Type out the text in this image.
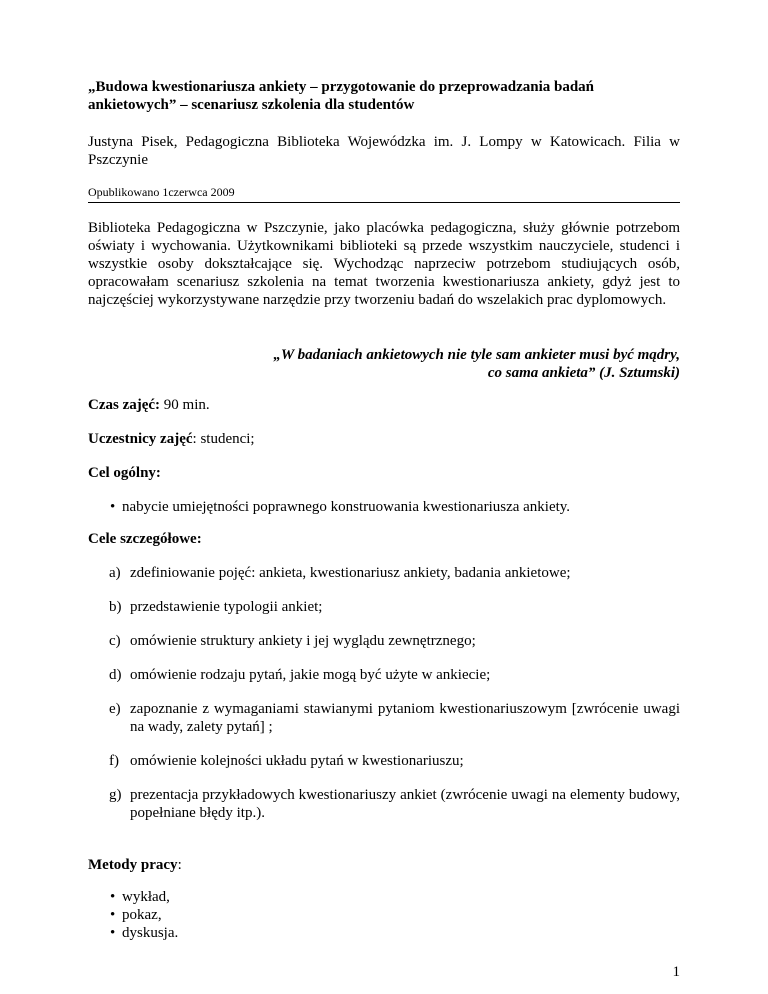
„Budowa kwestionariusza ankiety – przygotowanie do przeprowadzania badań ankietowych” – scenariusz szkolenia dla studentów
Justyna Pisek, Pedagogiczna Biblioteka Wojewódzka im. J. Lompy w Katowicach. Filia w Pszczynie
Opublikowano 1czerwca 2009
Biblioteka Pedagogiczna w Pszczynie, jako placówka pedagogiczna, służy głównie potrzebom oświaty i wychowania. Użytkownikami biblioteki są przede wszystkim nauczyciele, studenci i wszystkie osoby dokształcające się. Wychodząc naprzeciw potrzebom studiujących osób, opracowałam scenariusz szkolenia na temat tworzenia kwestionariusza ankiety, gdyż jest to najczęściej wykorzystywane narzędzie przy tworzeniu badań do wszelakich prac dyplomowych.
„W badaniach ankietowych nie tyle sam ankieter musi być mądry,
co sama ankieta” (J. Sztumski)
Czas zajęć: 90 min.
Uczestnicy zajęć: studenci;
Cel ogólny:
• nabycie umiejętności poprawnego konstruowania kwestionariusza ankiety.
Cele szczegółowe:
a) zdefiniowanie pojęć: ankieta, kwestionariusz ankiety, badania ankietowe;
b) przedstawienie typologii ankiet;
c) omówienie struktury ankiety i jej wyglądu zewnętrznego;
d) omówienie rodzaju pytań, jakie mogą być użyte w ankiecie;
e) zapoznanie z wymaganiami stawianymi pytaniom kwestionariuszowym [zwrócenie uwagi na wady, zalety pytań] ;
f) omówienie kolejności układu pytań w kwestionariuszu;
g) prezentacja przykładowych kwestionariuszy ankiet (zwrócenie uwagi na elementy budowy, popełniane błędy itp.).
Metody pracy:
• wykład,
• pokaz,
• dyskusja.
1
